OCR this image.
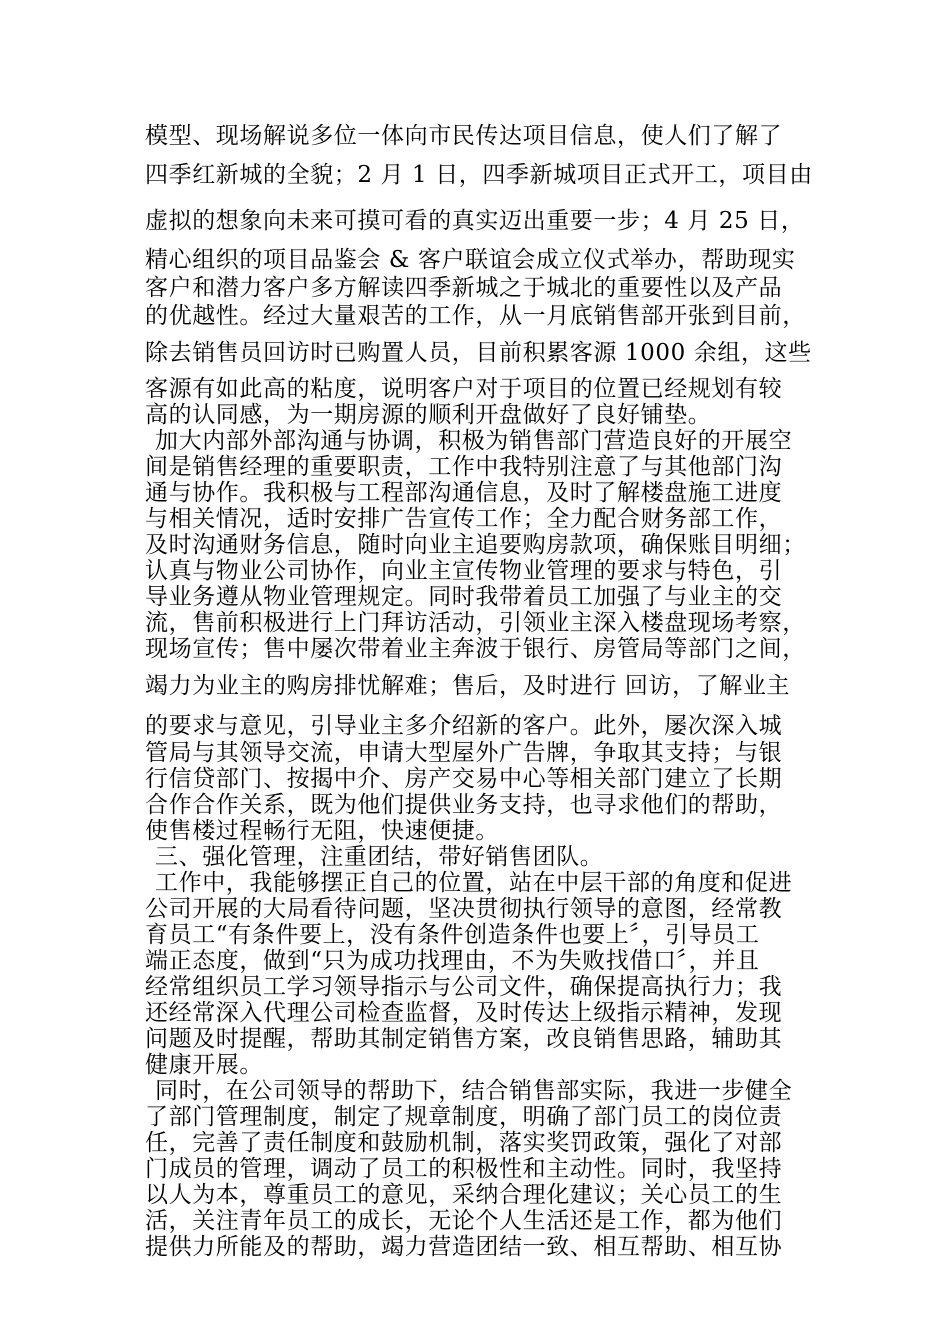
模型、现场解说多位一体向市民传达项目信息，使人们了解了
四季红新城的全貌；2 月 1 日，四季新城项目正式开工，项目由
虚拟的想象向未来可摸可看的真实迈出重要一步；4 月 25 日，
精心组织的项目品鉴会 & 客户联谊会成立仪式举办，帮助现实
客户和潜力客户多方解读四季新城之于城北的重要性以及产品
的优越性。经过大量艰苦的工作，从一月底销售部开张到目前，
除去销售员回访时已购置人员，目前积累客源 1000 余组，这些
客源有如此高的粘度，说明客户对于项目的位置已经规划有较
高的认同感，为一期房源的顺利开盘做好了良好铺垫。
加大内部外部沟通与协调，积极为销售部门营造良好的开展空
间是销售经理的重要职责，工作中我特别注意了与其他部门沟
通与协作。我积极与工程部沟通信息，及时了解楼盘施工进度
与相关情况，适时安排广告宣传工作；全力配合财务部工作，
及时沟通财务信息，随时向业主追要购房款项，确保账目明细；
认真与物业公司协作，向业主宣传物业管理的要求与特色，引
导业务遵从物业管理规定。同时我带着员工加强了与业主的交
流，售前积极进行上门拜访活动，引领业主深入楼盘现场考察，
现场宣传；售中屡次带着业主奔波于银行、房管局等部门之间，
竭力为业主的购房排忧解难；售后，及时进行 回访，了解业主
的要求与意见，引导业主多介绍新的客户。此外，屡次深入城
管局与其领导交流，申请大型屋外广告牌，争取其支持；与银
行信贷部门、按揭中介、房产交易中心等相关部门建立了长期
合作合作关系，既为他们提供业务支持，也寻求他们的帮助，
使售楼过程畅行无阻，快速便捷。
三、强化管理，注重团结，带好销售团队。
工作中，我能够摆正自己的位置，站在中层干部的角度和促进
公司开展的大局看待问题，坚决贯彻执行领导的意图，经常教
育员工“有条件要上，没有条件创造条件也要上〞，引导员工
端正态度，做到“只为成功找理由，不为失败找借口〞，并且
经常组织员工学习领导指示与公司文件，确保提高执行力；我
还经常深入代理公司检查监督，及时传达上级指示精神，发现
问题及时提醒，帮助其制定销售方案，改良销售思路，辅助其
健康开展。
同时，在公司领导的帮助下，结合销售部实际，我进一步健全
了部门管理制度，制定了规章制度，明确了部门员工的岗位责
任，完善了责任制度和鼓励机制，落实奖罚政策，强化了对部
门成员的管理，调动了员工的积极性和主动性。同时，我坚持
以人为本，尊重员工的意见，采纳合理化建议；关心员工的生
活，关注青年员工的成长，无论个人生活还是工作，都为他们
提供力所能及的帮助，竭力营造团结一致、相互帮助、相互协
